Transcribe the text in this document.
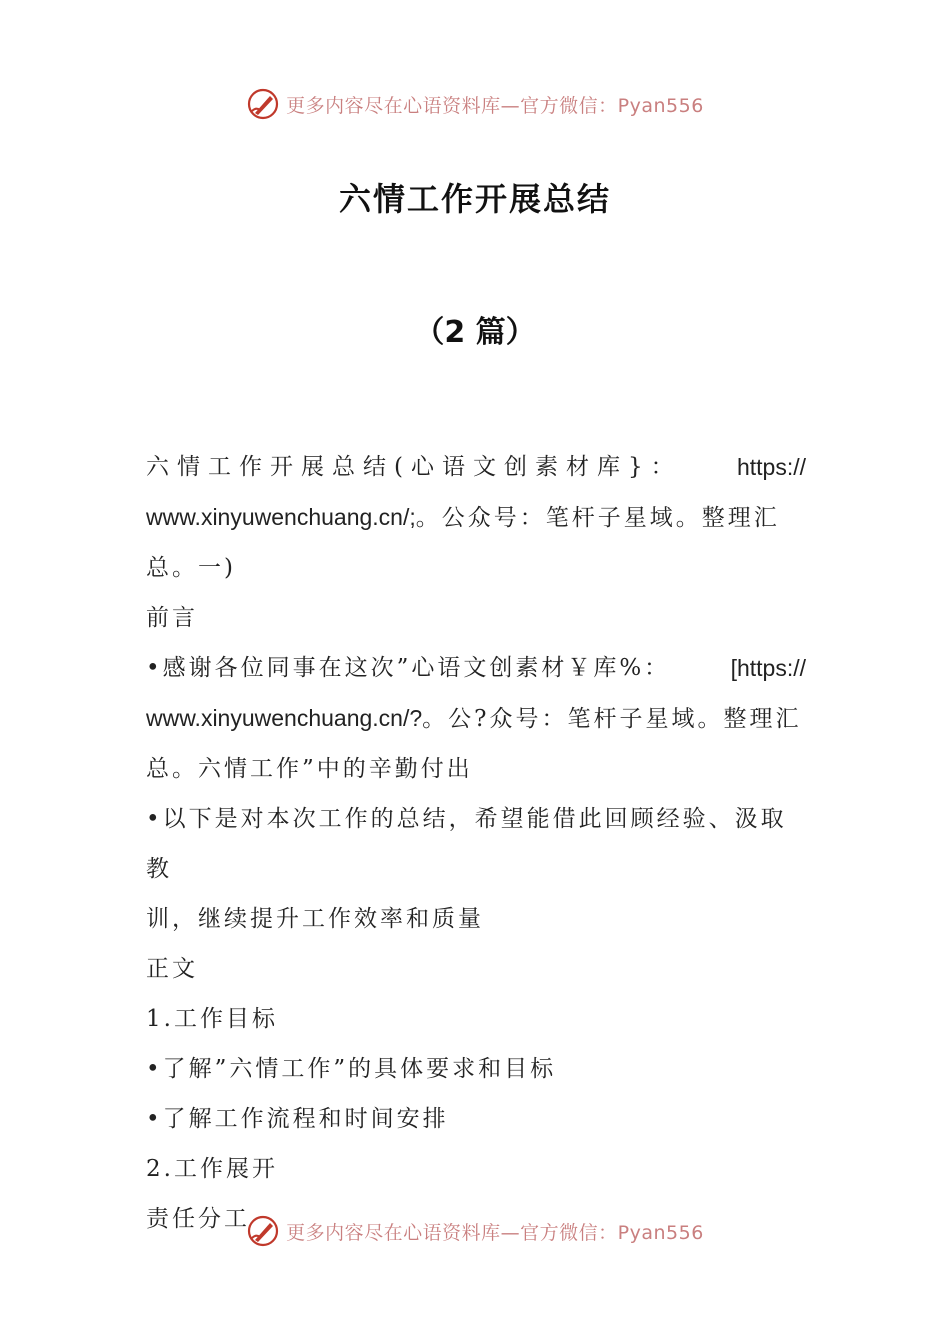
更多内容尽在心语资料库—官方微信：Pyan556
六情工作开展总结
（2 篇）

六情工作开展总结(心语文创素材库}： https://

www.xinyuwenchuang.cn/;。公众号：笔杆子星域。整理汇

总。一)

前言

•感谢各位同事在这次”心语文创素材￥库%：	[https://

www.xinyuwenchuang.cn/?。公?众号：笔杆子星域。整理汇

总。六情工作”中的辛勤付出

•以下是对本次工作的总结，希望能借此回顾经验、汲取教

训，继续提升工作效率和质量

正文

1.工作目标

•了解”六情工作”的具体要求和目标

•了解工作流程和时间安排

2.工作展开

责任分工

更多内容尽在心语资料库—官方微信：Pyan556
